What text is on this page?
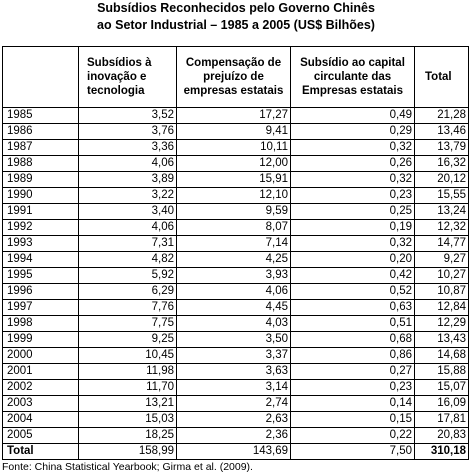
Subsídios Reconhecidos pelo Governo Chinês
ao Setor Industrial – 1985 a 2005 (US$ Bilhões)
	Subsídios à inovação e tecnologia	Compensação de prejuízo de empresas estatais	Subsídio ao capital circulante das Empresas estatais	Total
1985	3,52	17,27	0,49	21,28
1986	3,76	9,41	0,29	13,46
1987	3,36	10,11	0,32	13,79
1988	4,06	12,00	0,26	16,32
1989	3,89	15,91	0,32	20,12
1990	3,22	12,10	0,23	15,55
1991	3,40	9,59	0,25	13,24
1992	4,06	8,07	0,19	12,32
1993	7,31	7,14	0,32	14,77
1994	4,82	4,25	0,20	9,27
1995	5,92	3,93	0,42	10,27
1996	6,29	4,06	0,52	10,87
1997	7,76	4,45	0,63	12,84
1998	7,75	4,03	0,51	12,29
1999	9,25	3,50	0,68	13,43
2000	10,45	3,37	0,86	14,68
2001	11,98	3,63	0,27	15,88
2002	11,70	3,14	0,23	15,07
2003	13,21	2,74	0,14	16,09
2004	15,03	2,63	0,15	17,81
2005	18,25	2,36	0,22	20,83
Total	158,99	143,69	7,50	310,18
Fonte: China Statistical Yearbook; Girma et al. (2009).
